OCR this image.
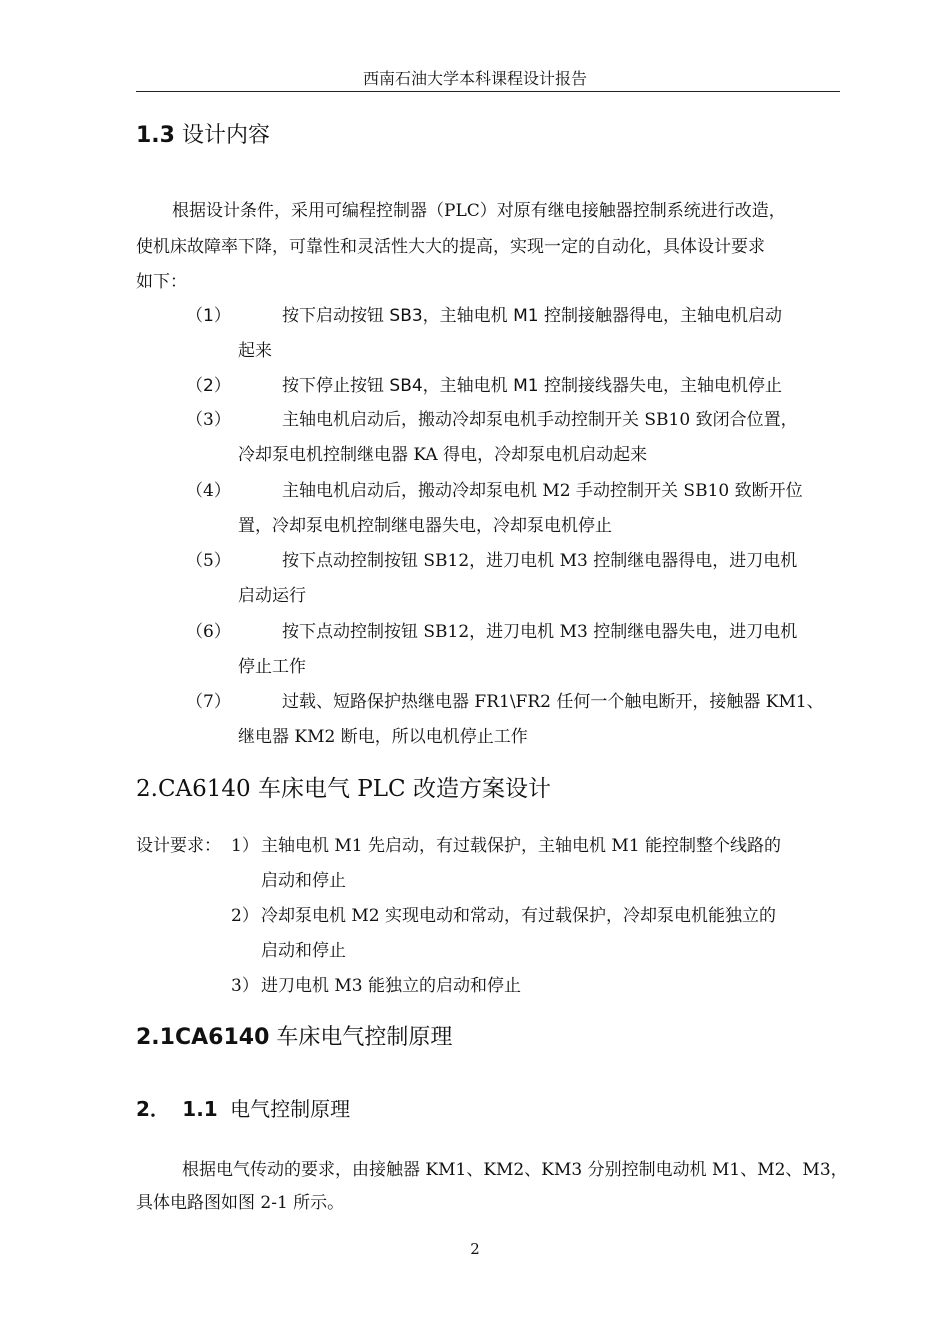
西南石油大学本科课程设计报告
1.3 设计内容
根据设计条件，采用可编程控制器（PLC）对原有继电接触器控制系统进行改造，
使机床故障率下降，可靠性和灵活性大大的提高，实现一定的自动化，具体设计要求
如下：
（1）	按下启动按钮 SB3，主轴电机 M1 控制接触器得电，主轴电机启动
起来
（2）	按下停止按钮 SB4，主轴电机 M1 控制接线器失电，主轴电机停止
（3）	主轴电机启动后，搬动冷却泵电机手动控制开关 SB10 致闭合位置，
冷却泵电机控制继电器 KA 得电，冷却泵电机启动起来
（4）	主轴电机启动后，搬动冷却泵电机 M2 手动控制开关 SB10 致断开位
置，冷却泵电机控制继电器失电，冷却泵电机停止
（5）	按下点动控制按钮 SB12，进刀电机 M3 控制继电器得电，进刀电机
启动运行
（6）	按下点动控制按钮 SB12，进刀电机 M3 控制继电器失电，进刀电机
停止工作
（7）	过载、短路保护热继电器 FR1\FR2 任何一个触电断开，接触器 KM1、
继电器 KM2 断电，所以电机停止工作
2.CA6140 车床电气 PLC 改造方案设计
设计要求： 1） 主轴电机 M1 先启动，有过载保护，主轴电机 M1 能控制整个线路的
启动和停止
2） 冷却泵电机 M2 实现电动和常动，有过载保护，冷却泵电机能独立的
启动和停止
3） 进刀电机 M3 能独立的启动和停止
2.1CA6140 车床电气控制原理
2． 1.1 电气控制原理
根据电气传动的要求，由接触器 KM1、KM2、KM3 分别控制电动机 M1、M2、M3，
具体电路图如图 2-1 所示。
2
